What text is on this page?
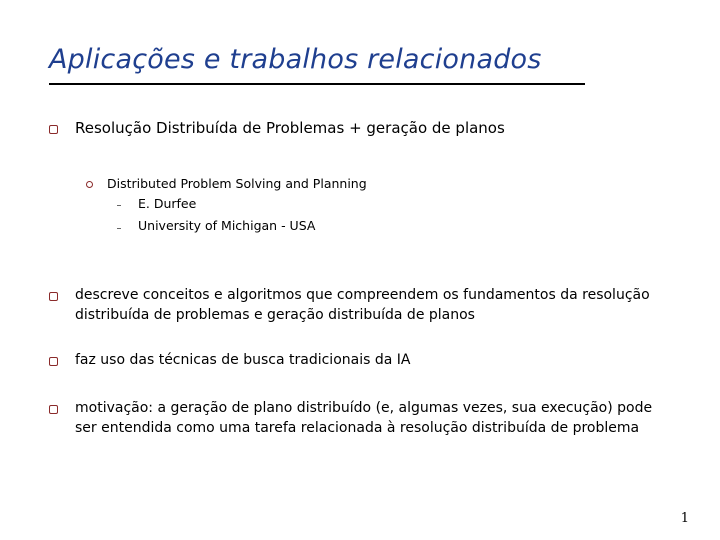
Aplicações e trabalhos relacionados
Resolução Distribuída de Problemas + geração de planos
Distributed Problem Solving and Planning
E. Durfee
University of Michigan - USA
descreve conceitos e algoritmos que compreendem os fundamentos da resolução distribuída de problemas e geração distribuída de planos
faz uso das técnicas de busca tradicionais da IA
motivação: a geração de plano distribuído (e, algumas vezes, sua execução) pode ser entendida como uma tarefa relacionada à resolução distribuída de problema
1
